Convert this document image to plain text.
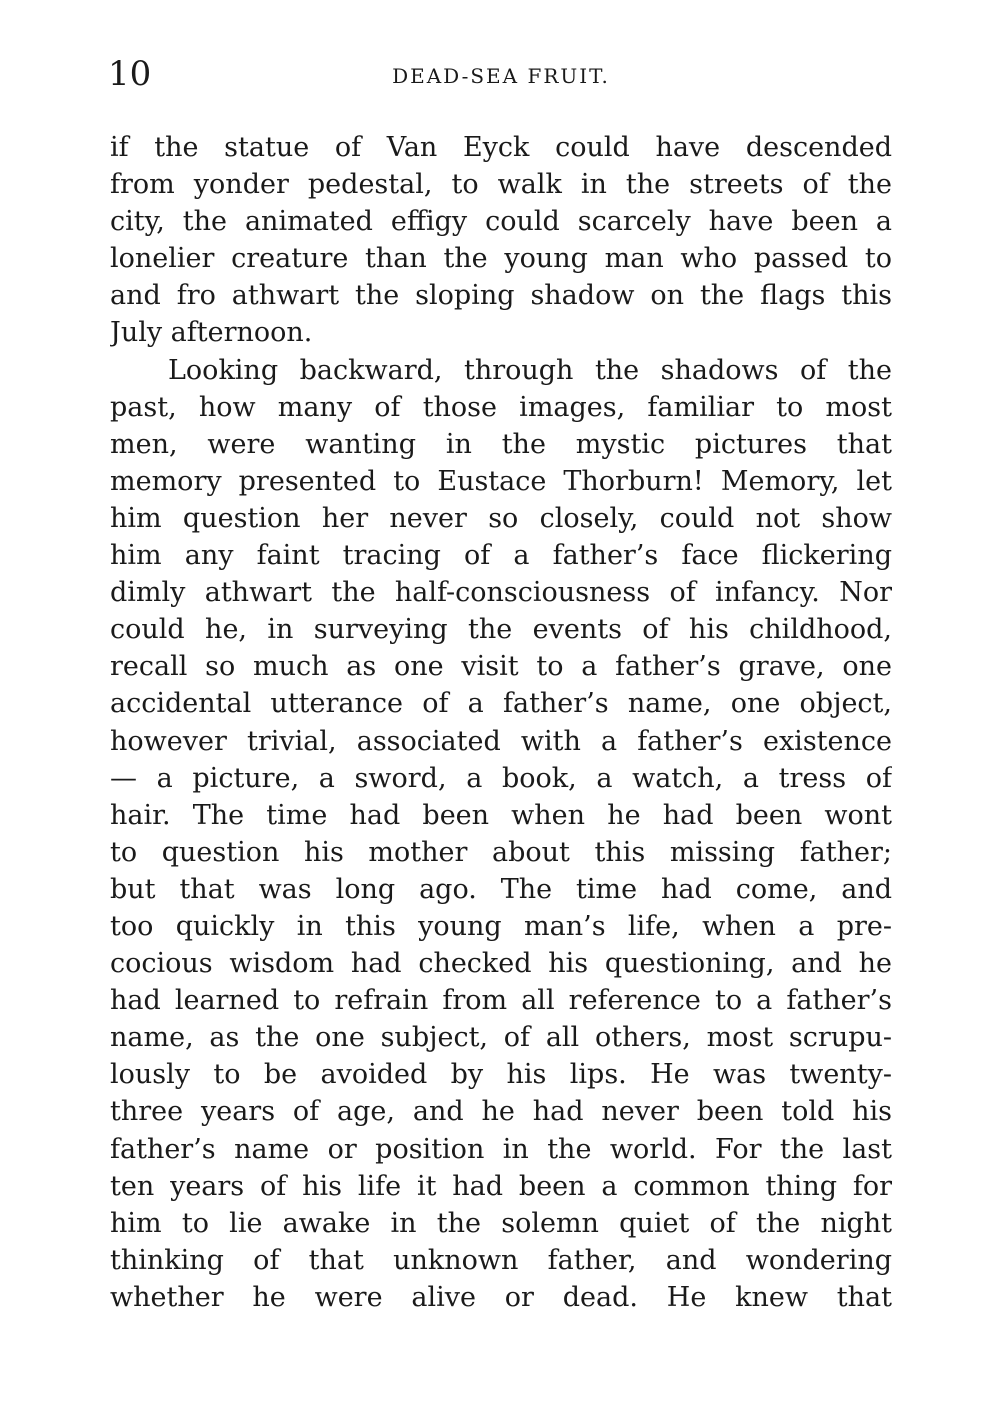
10	DEAD-SEA FRUIT.
if the statue of Van Eyck could have descended
from yonder pedestal, to walk in the streets of the
city, the animated effigy could scarcely have been a
lonelier creature than the young man who passed to
and fro athwart the sloping shadow on the flags this
July afternoon.
Looking backward, through the shadows of the
past, how many of those images, familiar to most
men, were wanting in the mystic pictures that
memory presented to Eustace Thorburn! Memory, let
him question her never so closely, could not show
him any faint tracing of a father’s face flickering
dimly athwart the half-consciousness of infancy. Nor
could he, in surveying the events of his childhood,
recall so much as one visit to a father’s grave, one
accidental utterance of a father’s name, one object,
however trivial, associated with a father’s existence
— a picture, a sword, a book, a watch, a tress of
hair. The time had been when he had been wont
to question his mother about this missing father;
but that was long ago. The time had come, and
too quickly in this young man’s life, when a pre-
cocious wisdom had checked his questioning, and he
had learned to refrain from all reference to a father’s
name, as the one subject, of all others, most scrupu-
lously to be avoided by his lips. He was twenty-
three years of age, and he had never been told his
father’s name or position in the world. For the last
ten years of his life it had been a common thing for
him to lie awake in the solemn quiet of the night
thinking of that unknown father, and wondering
whether he were alive or dead. He knew that
